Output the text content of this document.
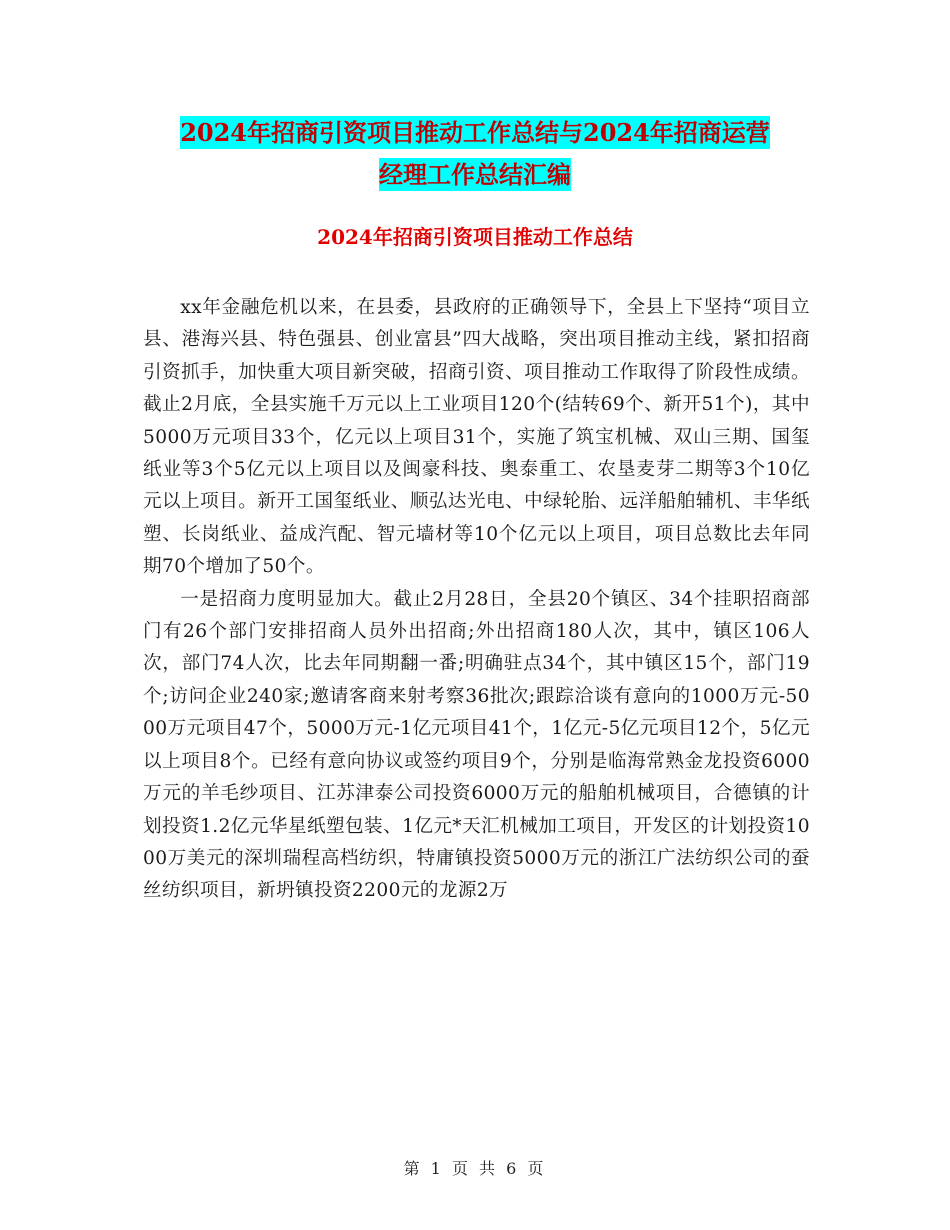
2024年招商引资项目推动工作总结与2024年招商运营
经理工作总结汇编
2024年招商引资项目推动工作总结

xx年金融危机以来，在县委，县政府的正确领导下，全县上下坚持“项目立县、港海兴县、特色强县、创业富县”四大战略，突出项目推动主线，紧扣招商引资抓手，加快重大项目新突破，招商引资、项目推动工作取得了阶段性成绩。截止2月底，全县实施千万元以上工业项目120个(结转69个、新开51个)，其中5000万元项目33个，亿元以上项目31个，实施了筑宝机械、双山三期、国玺纸业等3个5亿元以上项目以及闽豪科技、奥泰重工、农垦麦芽二期等3个10亿元以上项目。新开工国玺纸业、顺弘达光电、中绿轮胎、远洋船舶辅机、丰华纸塑、长岗纸业、益成汽配、智元墙材等10个亿元以上项目，项目总数比去年同期70个增加了50个。

一是招商力度明显加大。截止2月28日，全县20个镇区、34个挂职招商部门有26个部门安排招商人员外出招商;外出招商180人次，其中，镇区106人次，部门74人次，比去年同期翻一番;明确驻点34个，其中镇区15个，部门19个;访问企业240家;邀请客商来射考察36批次;跟踪洽谈有意向的1000万元-5000万元项目47个，5000万元-1亿元项目41个，1亿元-5亿元项目12个，5亿元以上项目8个。已经有意向协议或签约项目9个，分别是临海常熟金龙投资6000万元的羊毛纱项目、江苏津泰公司投资6000万元的船舶机械项目，合德镇的计划投资1.2亿元华星纸塑包装、1亿元*天汇机械加工项目，开发区的计划投资1000万美元的深圳瑞程高档纺织，特庸镇投资5000万元的浙江广法纺织公司的蚕丝纺织项目，新坍镇投资2200元的龙源2万

第 1 页 共 6 页
